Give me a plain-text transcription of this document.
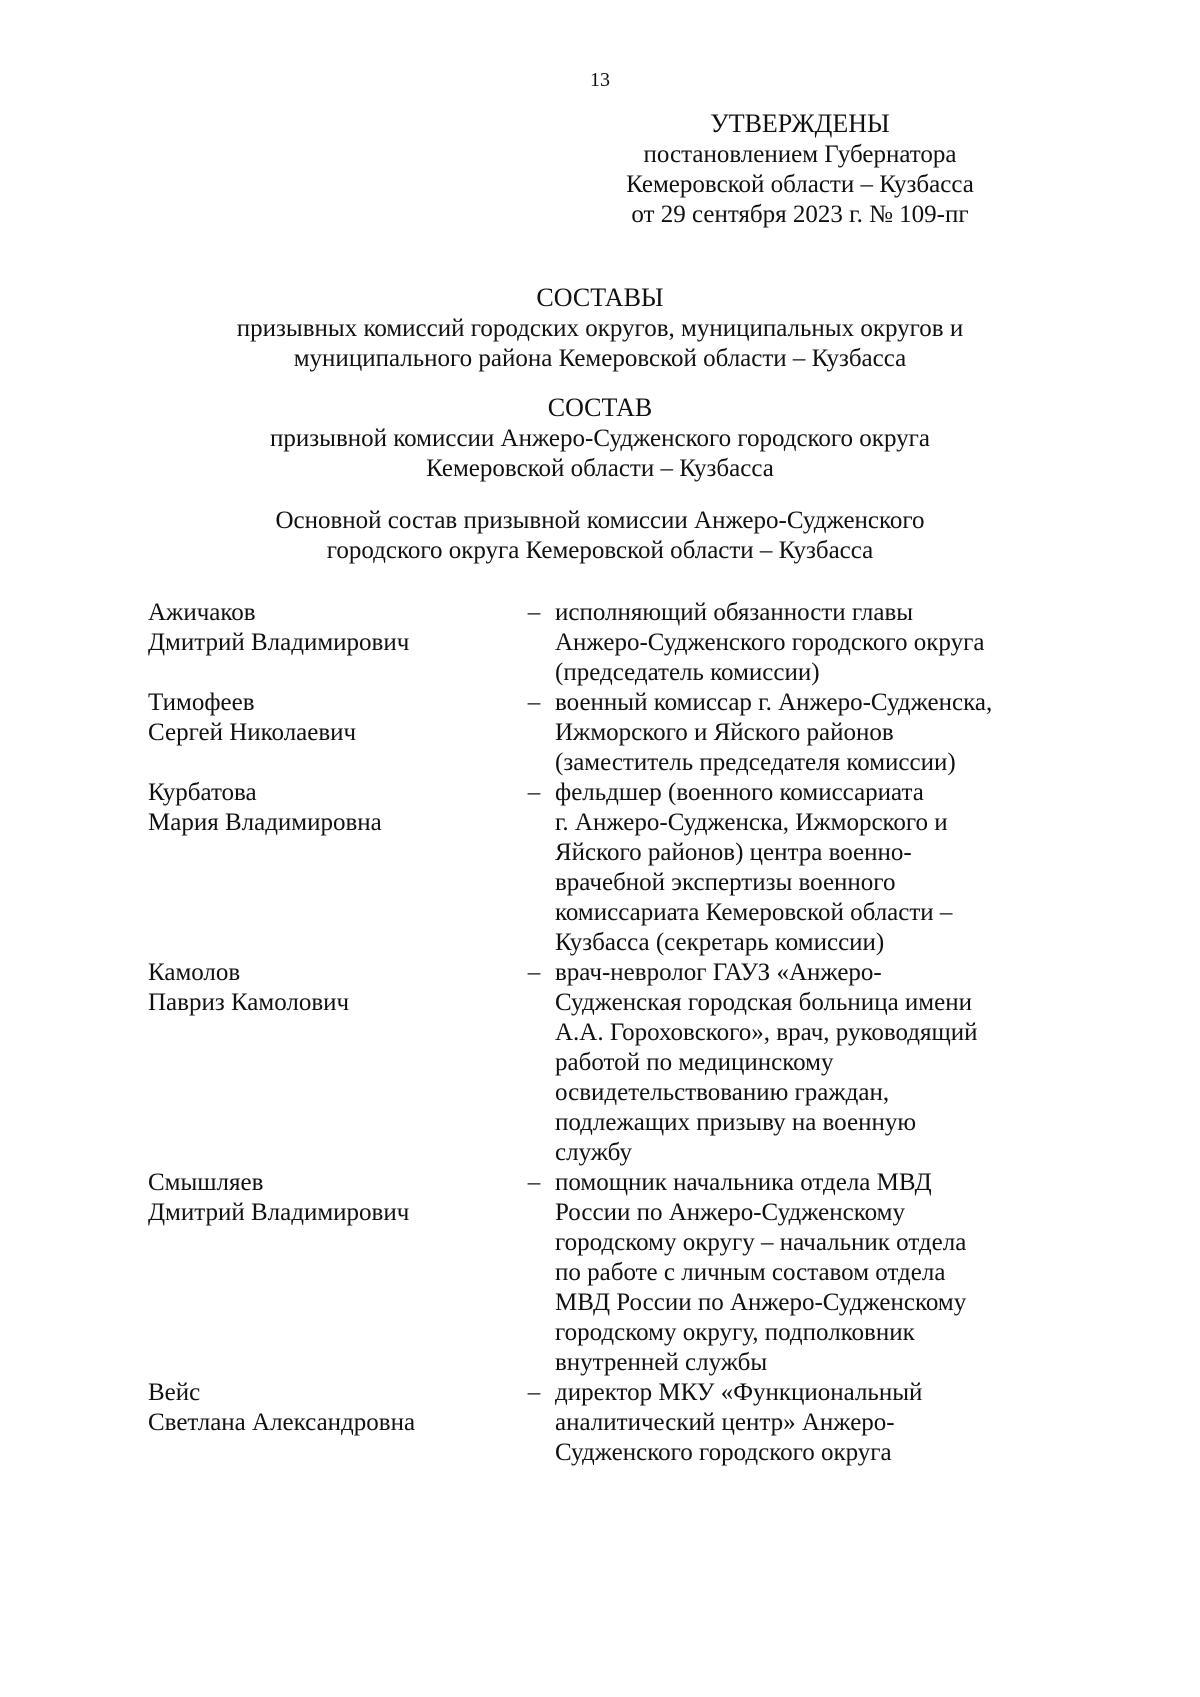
13
УТВЕРЖДЕНЫ
постановлением Губернатора
Кемеровской области – Кузбасса
от 29 сентября 2023 г. № 109-пг
СОСТАВЫ
призывных комиссий городских округов, муниципальных округов и
муниципального района Кемеровской области – Кузбасса
СОСТАВ
призывной комиссии Анжеро-Судженского городского округа
Кемеровской области – Кузбасса
Основной состав призывной комиссии Анжеро-Судженского
городского округа Кемеровской области – Кузбасса
Ажичаков
Дмитрий Владимирович
– исполняющий обязанности главы
Анжеро-Судженского городского округа
(председатель комиссии)
Тимофеев
Сергей Николаевич
– военный комиссар г. Анжеро-Судженска,
Ижморского и Яйского районов
(заместитель председателя комиссии)
Курбатова
Мария Владимировна
– фельдшер (военного комиссариата
г. Анжеро-Судженска, Ижморского и
Яйского районов) центра военно-
врачебной экспертизы военного
комиссариата Кемеровской области –
Кузбасса (секретарь комиссии)
Камолов
Павриз Камолович
– врач-невролог ГАУЗ «Анжеро-
Судженская городская больница имени
А.А. Гороховского», врач, руководящий
работой по медицинскому
освидетельствованию граждан,
подлежащих призыву на военную
службу
Смышляев
Дмитрий Владимирович
– помощник начальника отдела МВД
России по Анжеро-Судженскому
городскому округу – начальник отдела
по работе с личным составом отдела
МВД России по Анжеро-Судженскому
городскому округу, подполковник
внутренней службы
Вейс
Светлана Александровна
– директор МКУ «Функциональный
аналитический центр» Анжеро-
Судженского городского округа
